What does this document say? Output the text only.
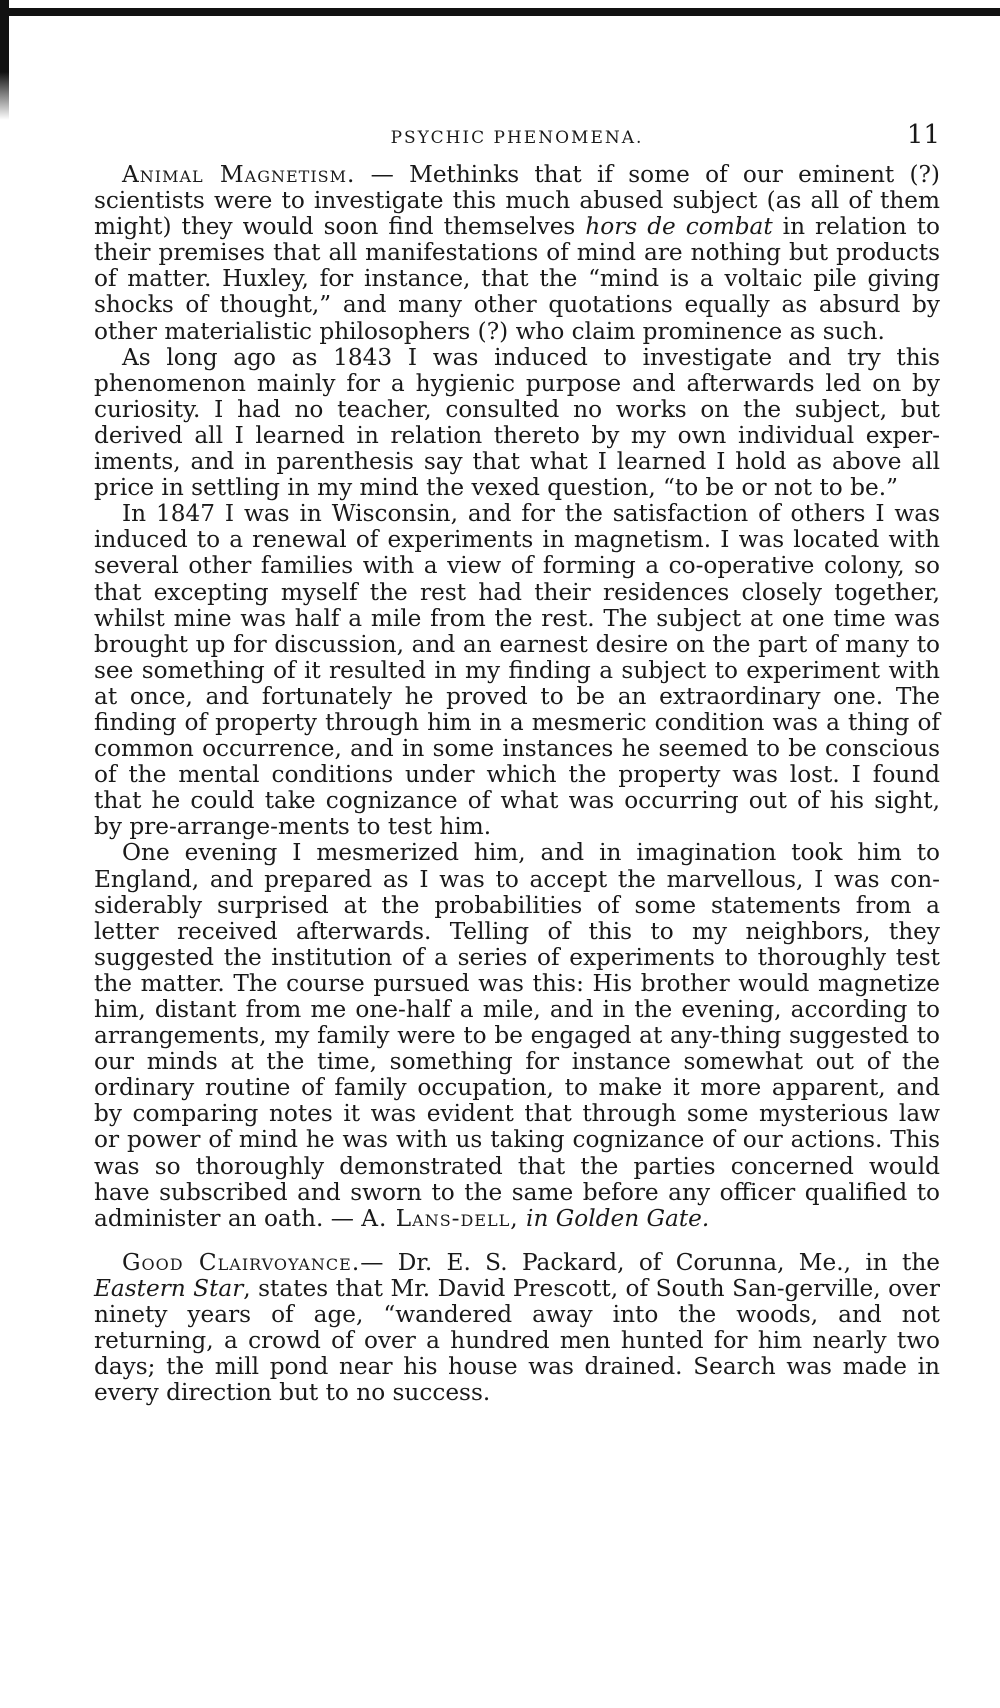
PSYCHIC PHENOMENA.	11

Animal Magnetism. — Methinks that if some of our eminent (?) scientists were to investigate this much abused subject (as all of them might) they would soon find themselves hors de combat in relation to their premises that all manifestations of mind are nothing but products of matter. Huxley, for instance, that the “mind is a voltaic pile giving shocks of thought,” and many other quotations equally as absurd by other materialistic philosophers (?) who claim prominence as such.

As long ago as 1843 I was induced to investigate and try this phenomenon mainly for a hygienic purpose and afterwards led on by curiosity. I had no teacher, consulted no works on the subject, but derived all I learned in relation thereto by my own individual exper-iments, and in parenthesis say that what I learned I hold as above all price in settling in my mind the vexed question, “to be or not to be.”

In 1847 I was in Wisconsin, and for the satisfaction of others I was induced to a renewal of experiments in magnetism. I was located with several other families with a view of forming a co-operative colony, so that excepting myself the rest had their residences closely together, whilst mine was half a mile from the rest. The subject at one time was brought up for discussion, and an earnest desire on the part of many to see something of it resulted in my finding a subject to experiment with at once, and fortunately he proved to be an extraordinary one. The finding of property through him in a mesmeric condition was a thing of common occurrence, and in some instances he seemed to be conscious of the mental conditions under which the property was lost. I found that he could take cognizance of what was occurring out of his sight, by pre-arrange-ments to test him.

One evening I mesmerized him, and in imagination took him to England, and prepared as I was to accept the marvellous, I was con-siderably surprised at the probabilities of some statements from a letter received afterwards. Telling of this to my neighbors, they suggested the institution of a series of experiments to thoroughly test the matter. The course pursued was this: His brother would magnetize him, distant from me one-half a mile, and in the evening, according to arrangements, my family were to be engaged at any-thing suggested to our minds at the time, something for instance somewhat out of the ordinary routine of family occupation, to make it more apparent, and by comparing notes it was evident that through some mysterious law or power of mind he was with us taking cognizance of our actions. This was so thoroughly demonstrated that the parties concerned would have subscribed and sworn to the same before any officer qualified to administer an oath. — A. Lans-dell, in Golden Gate.

Good Clairvoyance.— Dr. E. S. Packard, of Corunna, Me., in the Eastern Star, states that Mr. David Prescott, of South San-gerville, over ninety years of age, “wandered away into the woods, and not returning, a crowd of over a hundred men hunted for him nearly two days; the mill pond near his house was drained. Search was made in every direction but to no success.
